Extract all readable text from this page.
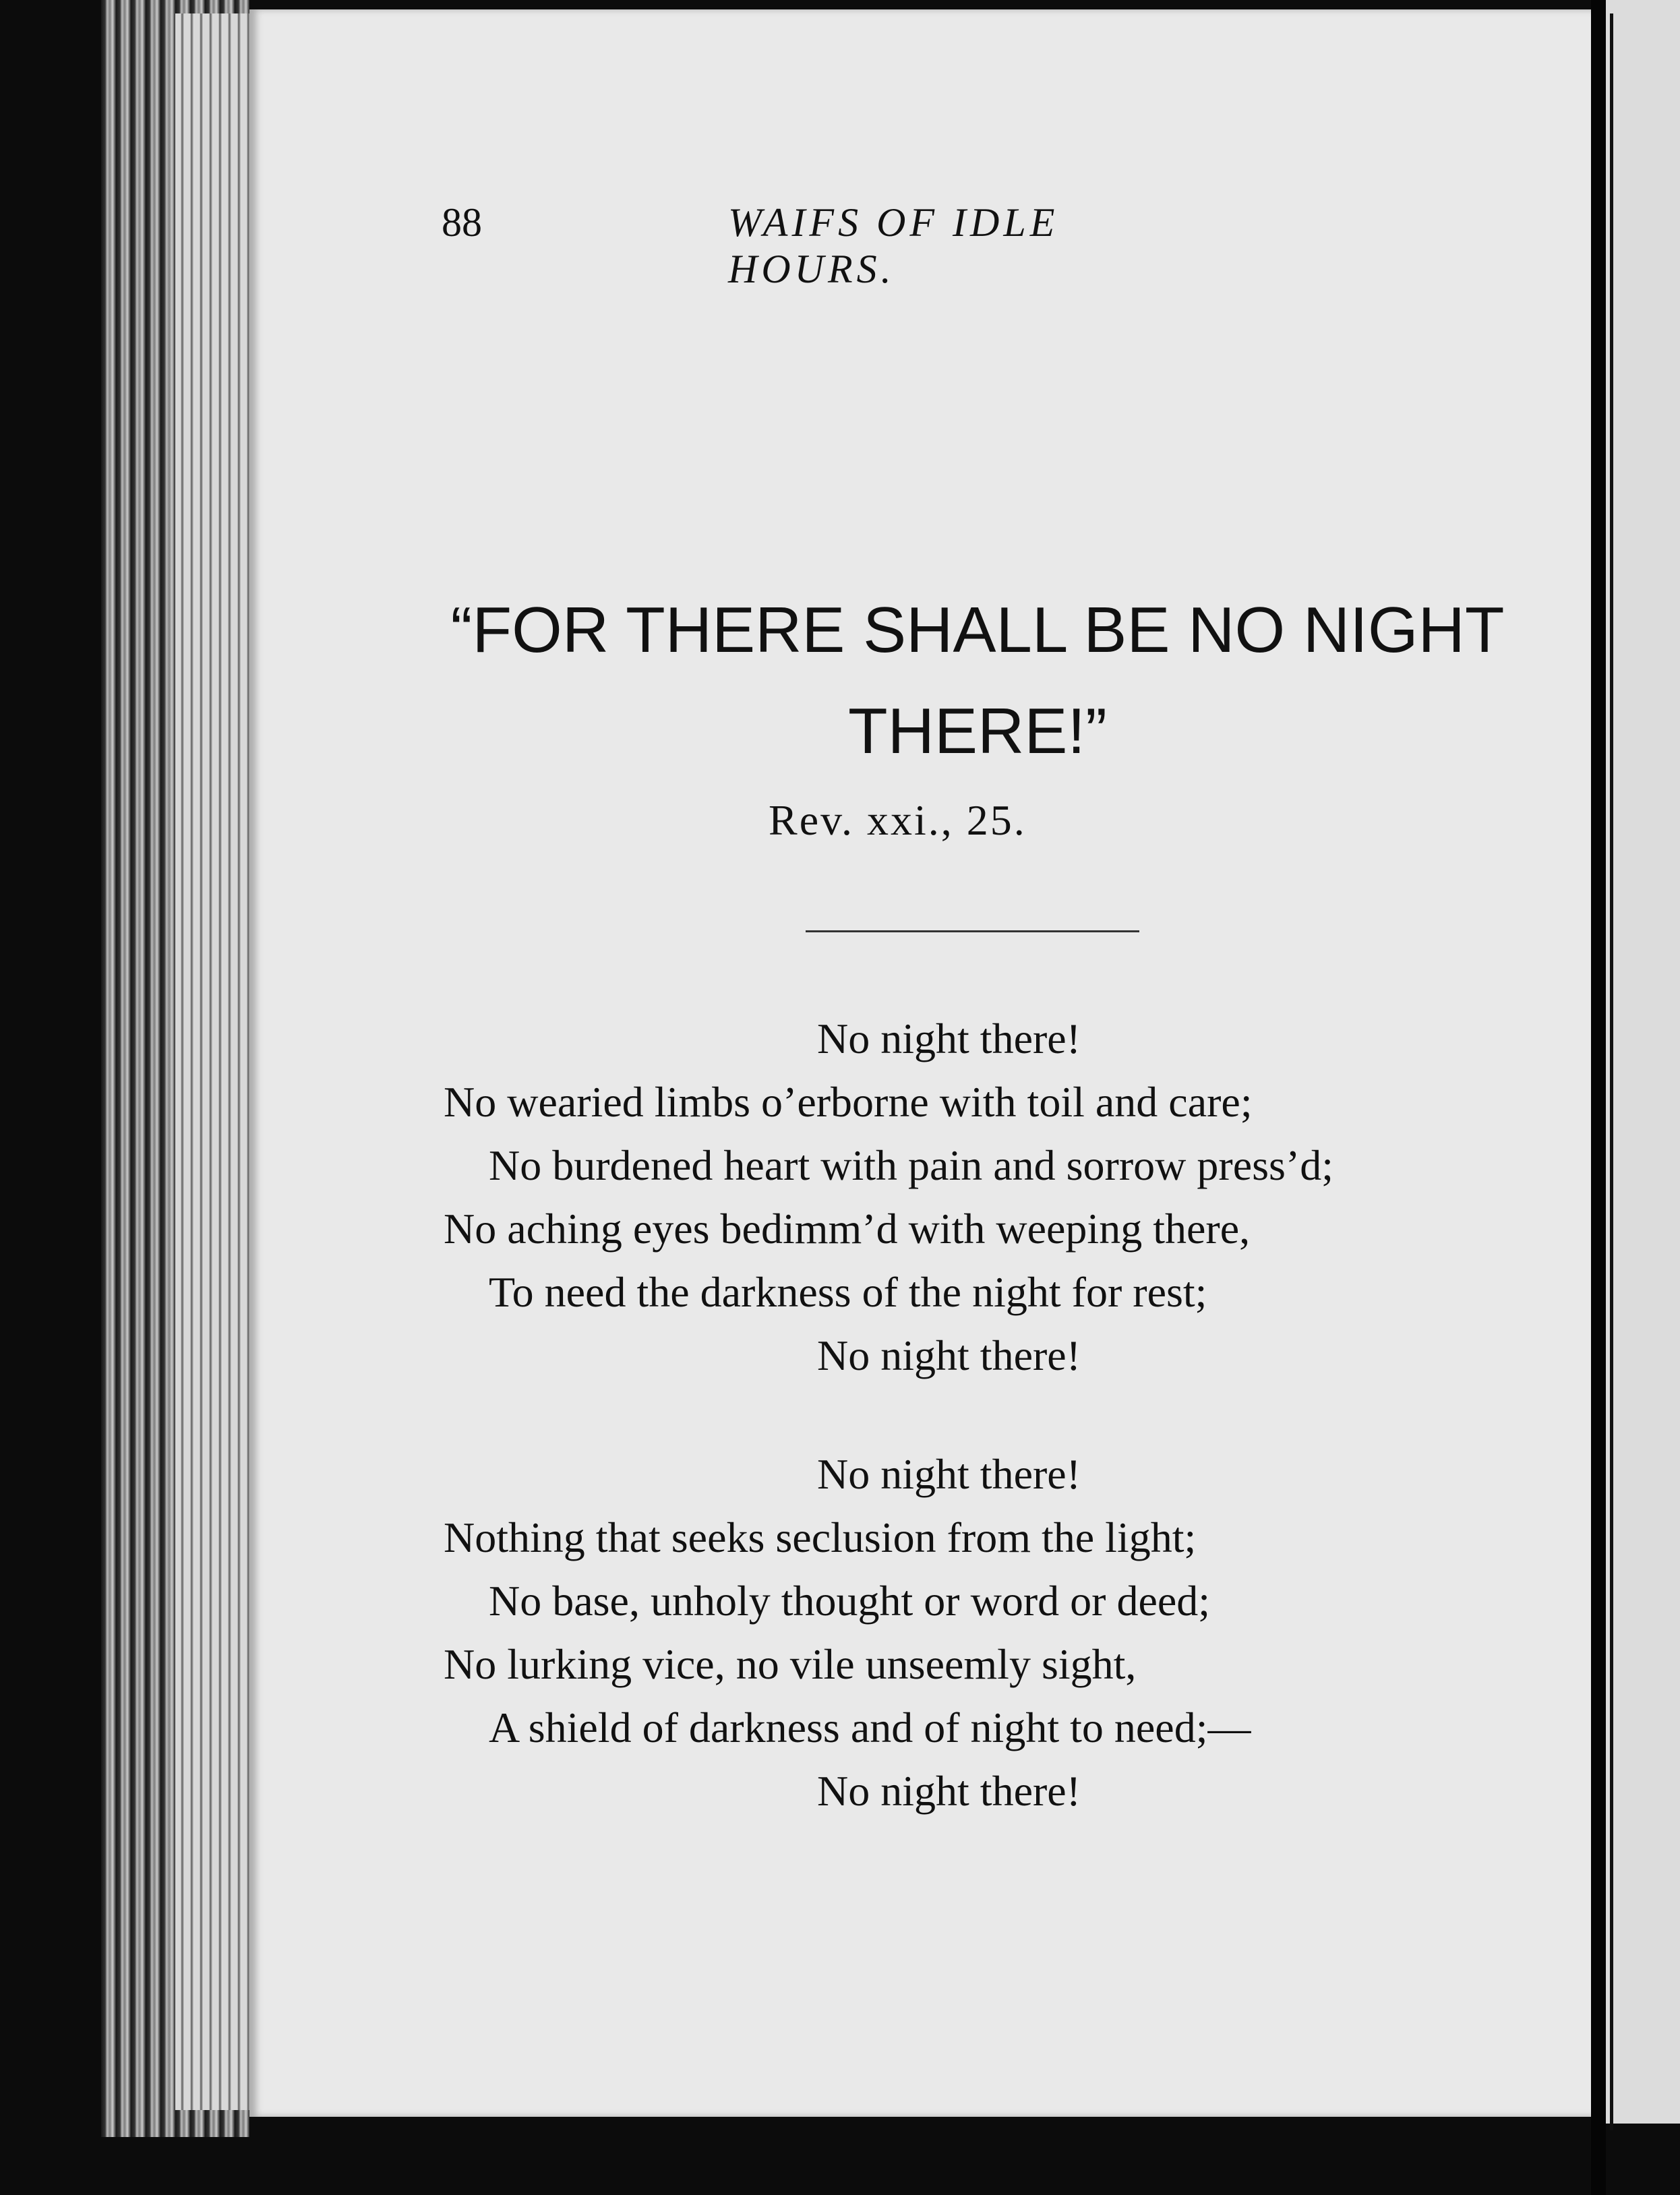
88	WAIFS OF IDLE HOURS.
“FOR THERE SHALL BE NO NIGHT
THERE!”
Rev. xxi., 25.
No night there!
No wearied limbs o’erborne with toil and care;
No burdened heart with pain and sorrow press’d;
No aching eyes bedimm’d with weeping there,
To need the darkness of the night for rest;
No night there!
No night there!
Nothing that seeks seclusion from the light;
No base, unholy thought or word or deed;
No lurking vice, no vile unseemly sight,
A shield of darkness and of night to need;—
No night there!
